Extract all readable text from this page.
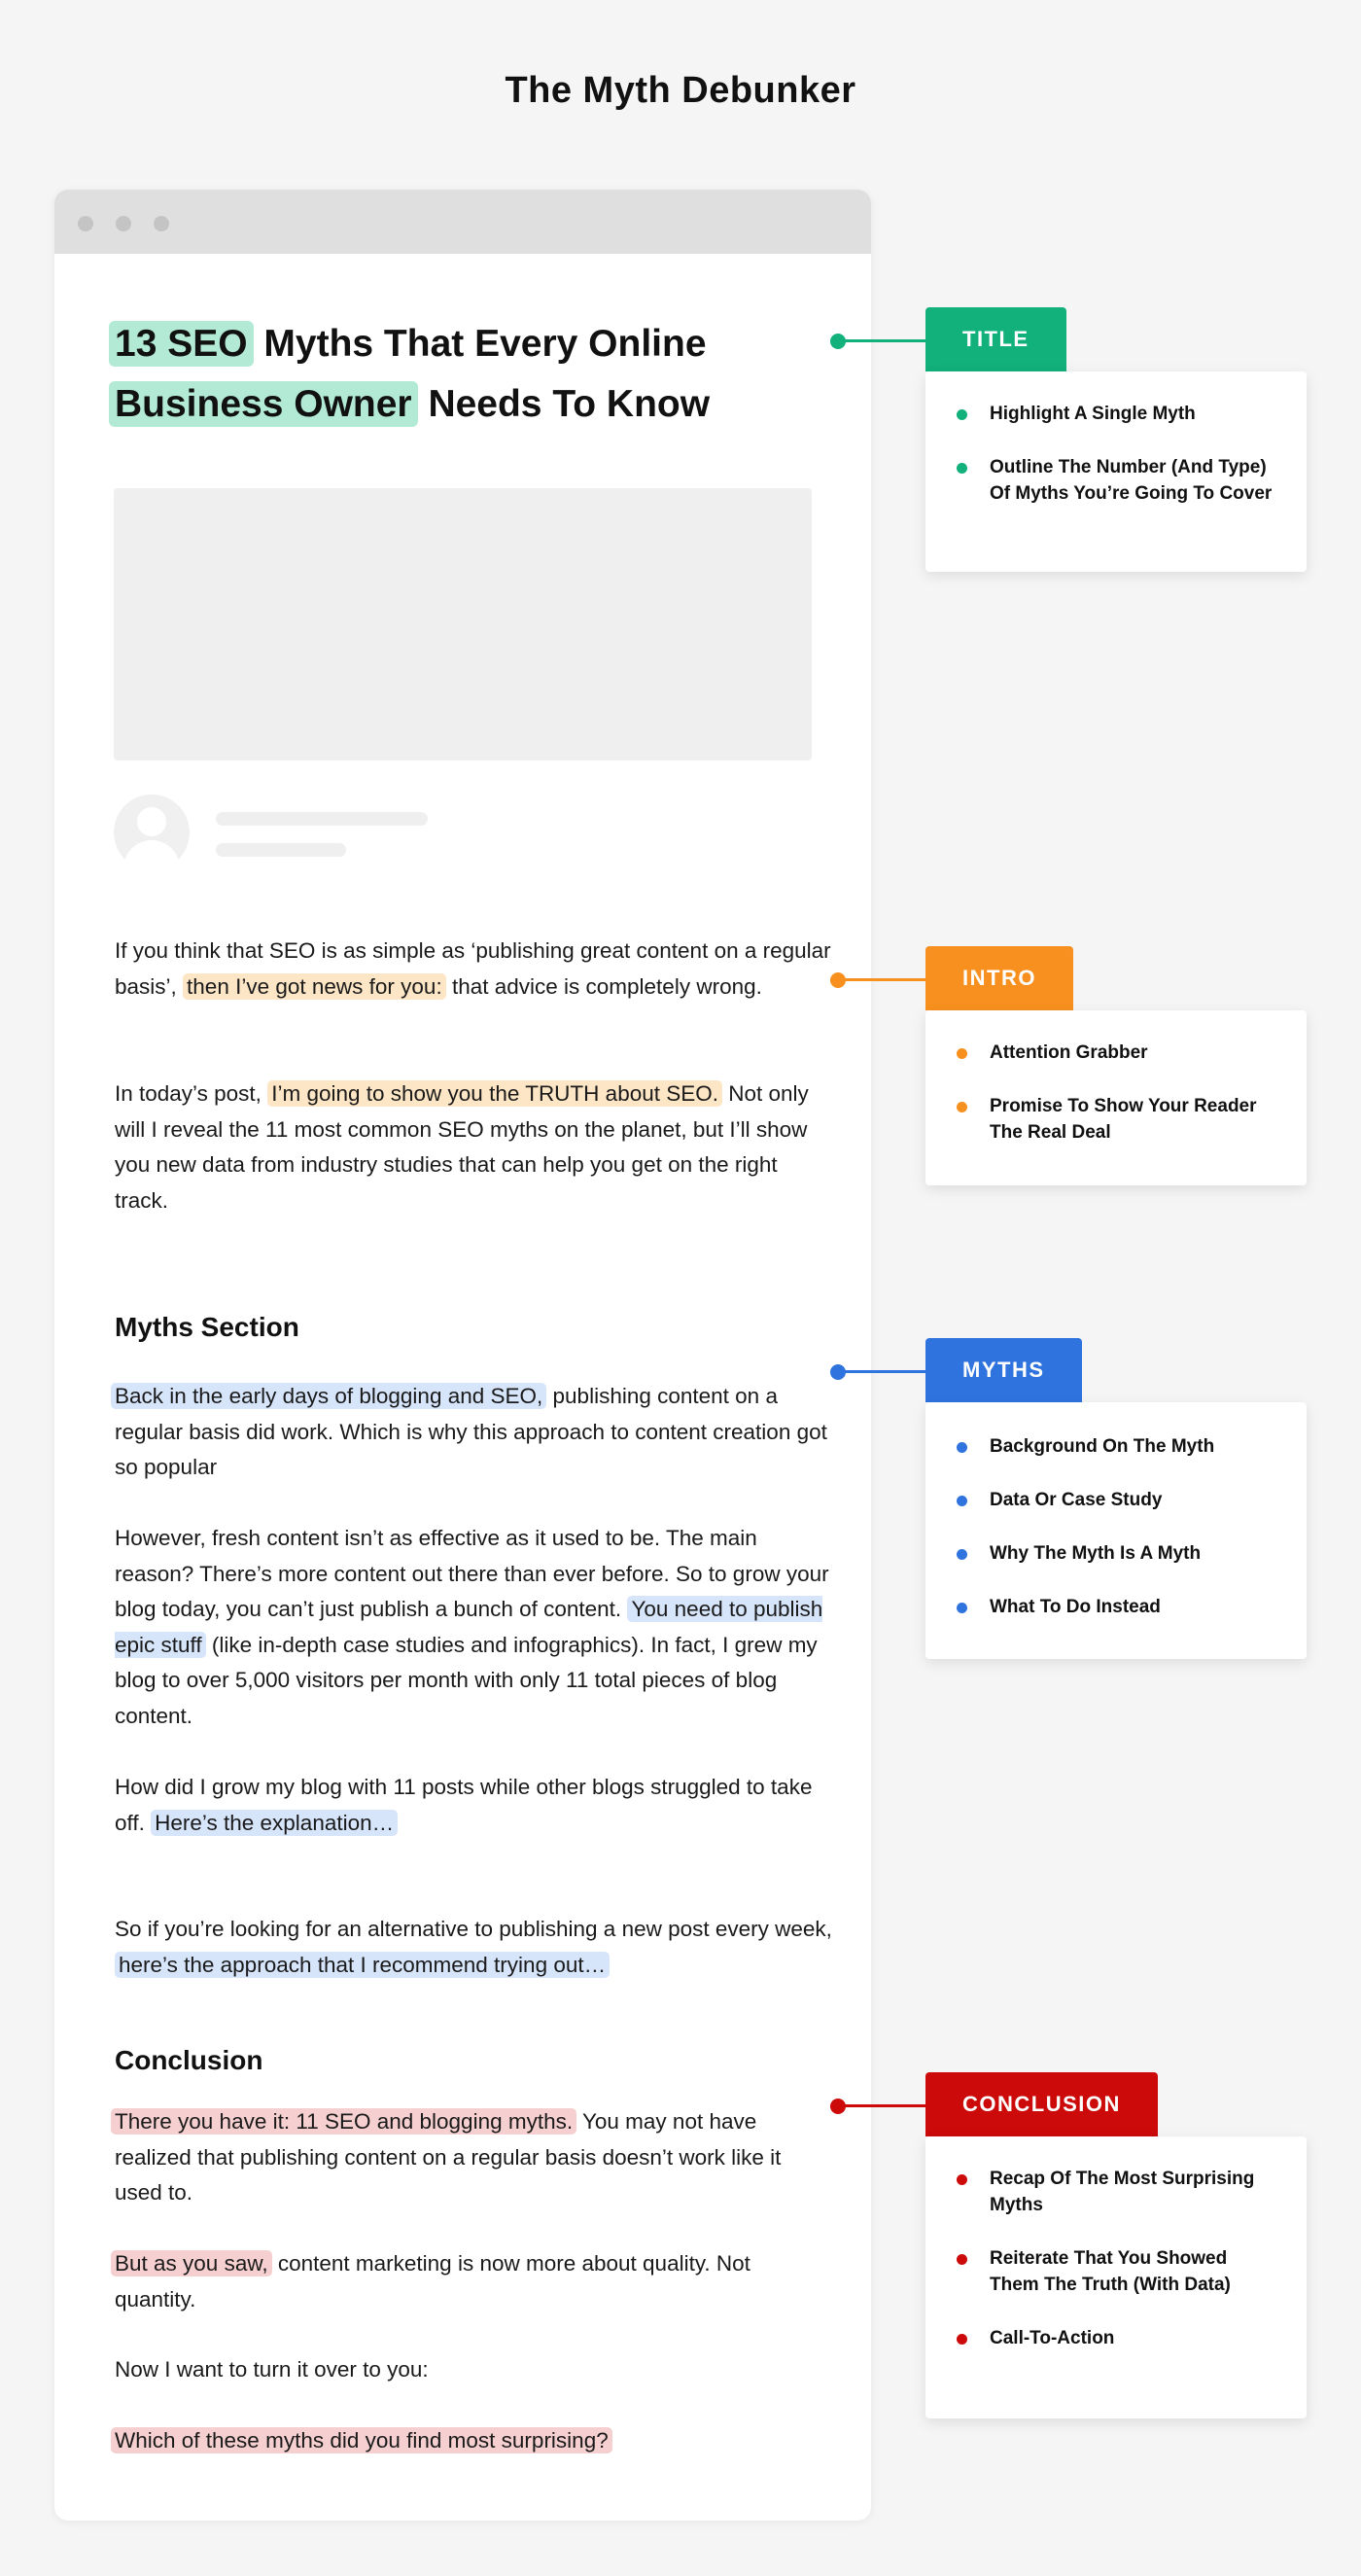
The Myth Debunker
13 SEO Myths That Every Online
Business Owner Needs To Know
If you think that SEO is as simple as ‘publishing great content on a regular basis’, then I’ve got news for you: that advice is completely wrong.
In today’s post, I’m going to show you the TRUTH about SEO. Not only will I reveal the 11 most common SEO myths on the planet, but I’ll show you new data from industry studies that can help you get on the right track.
Myths Section
Back in the early days of blogging and SEO, publishing content on a regular basis did work. Which is why this approach to content creation got so popular
However, fresh content isn’t as effective as it used to be. The main reason? There’s more content out there than ever before. So to grow your blog today, you can’t just publish a bunch of content. You need to publish epic stuff (like in-depth case studies and infographics). In fact, I grew my blog to over 5,000 visitors per month with only 11 total pieces of blog content.
How did I grow my blog with 11 posts while other blogs struggled to take off. Here’s the explanation…
So if you’re looking for an alternative to publishing a new post every week, here’s the approach that I recommend trying out…
Conclusion
There you have it: 11 SEO and blogging myths. You may not have realized that publishing content on a regular basis doesn’t work like it used to.
But as you saw, content marketing is now more about quality. Not quantity.
Now I want to turn it over to you:
Which of these myths did you find most surprising?
TITLE
Highlight A Single Myth
Outline The Number (And Type) Of Myths You’re Going To Cover
INTRO
Attention Grabber
Promise To Show Your Reader The Real Deal
MYTHS
Background On The Myth
Data Or Case Study
Why The Myth Is A Myth
What To Do Instead
CONCLUSION
Recap Of The Most Surprising Myths
Reiterate That You Showed Them The Truth (With Data)
Call-To-Action
